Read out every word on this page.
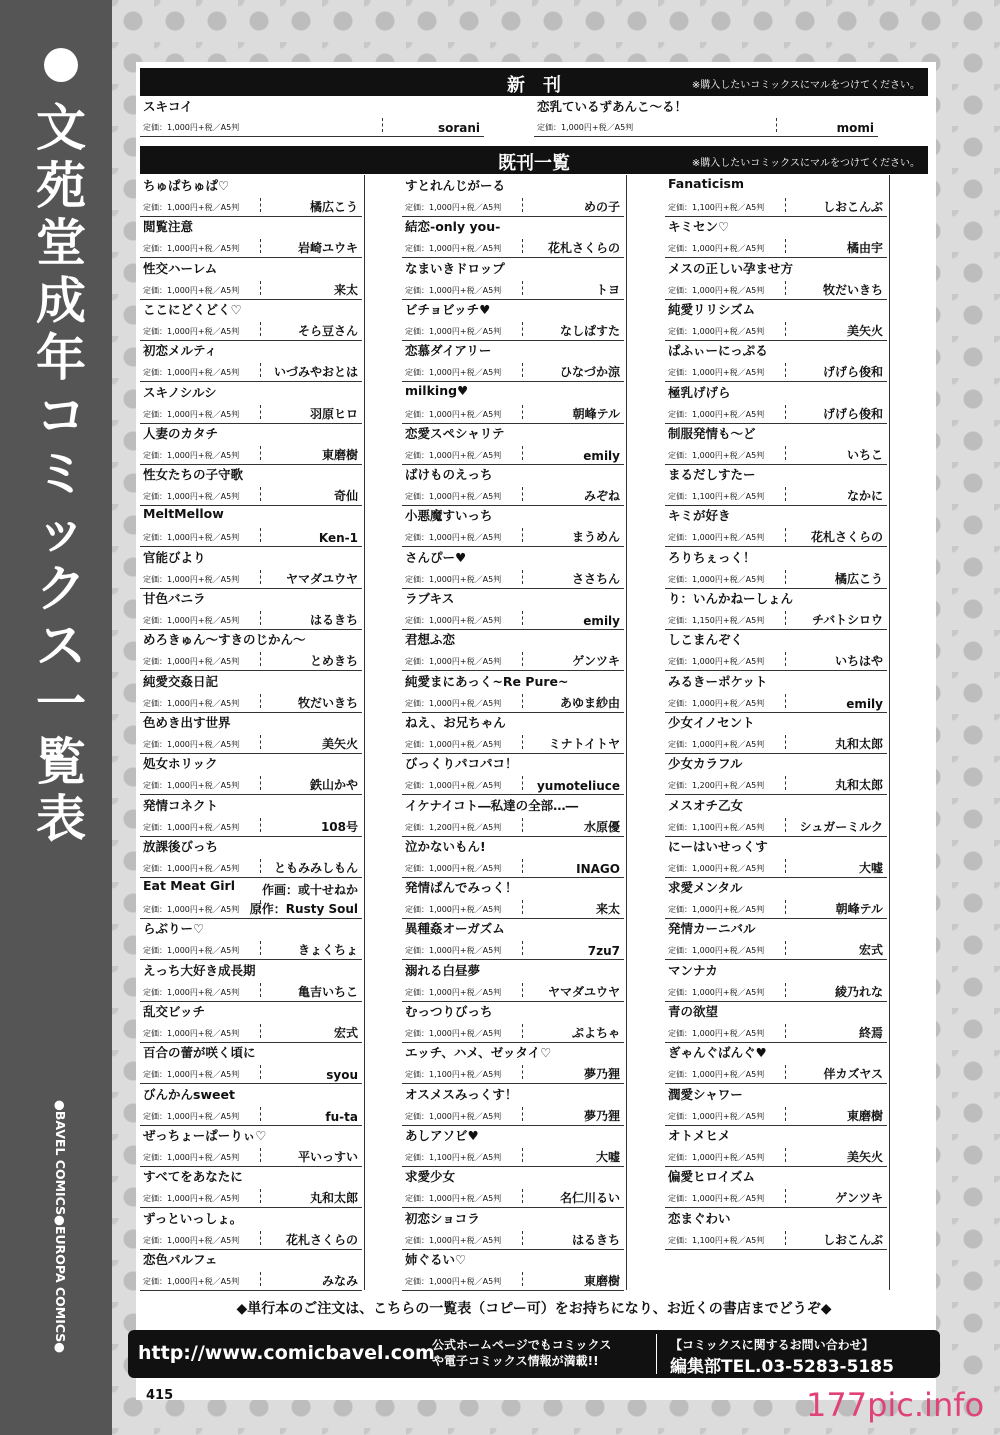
文
苑
堂
成
年
コ
ミ
ッ
ク
ス
一
覧
表
●BAVEL COMICS●EUROPA COMICS●
新　刊	※購入したいコミックスにマルをつけてください。
スキコイ
定価：1,000円+税／A5判	sorani
恋乳ているずあんこ～る！
定価：1,000円+税／A5判	momi
既刊一覧	※購入したいコミックスにマルをつけてください。
ちゅぱちゅぱ♡
定価：1,000円+税／A5判	橘広こう
閲覧注意
定価：1,000円+税／A5判	岩崎ユウキ
性交ハーレム
定価：1,000円+税／A5判	来太
ここにどくどく♡
定価：1,000円+税／A5判	そら豆さん
初恋メルティ
定価：1,000円+税／A5判	いづみやおとは
スキノシルシ
定価：1,000円+税／A5判	羽原ヒロ
人妻のカタチ
定価：1,000円+税／A5判	東磨樹
性女たちの子守歌
定価：1,000円+税／A5判	奇仙
MeltMellow
定価：1,000円+税／A5判	Ken-1
官能びより
定価：1,000円+税／A5判	ヤマダユウヤ
甘色バニラ
定価：1,000円+税／A5判	はるきち
めろきゅん～すきのじかん～
定価：1,000円+税／A5判	とめきち
純愛交姦日記
定価：1,000円+税／A5判	牧だいきち
色めき出す世界
定価：1,000円+税／A5判	美矢火
処女ホリック
定価：1,000円+税／A5判	鉄山かや
発情コネクト
定価：1,000円+税／A5判	108号
放課後びっち
定価：1,000円+税／A5判	ともみみしもん
Eat Meat Girl
定価：1,000円+税／A5判
作画：或十せねか
原作：Rusty Soul
らぶりー♡
定価：1,000円+税／A5判	きょくちょ
えっち大好き成長期
定価：1,000円+税／A5判	亀吉いちこ
乱交ビッチ
定価：1,000円+税／A5判	宏式
百合の蕾が咲く頃に
定価：1,000円+税／A5判	syou
びんかんsweet
定価：1,000円+税／A5判	fu-ta
ぜっちょーぱーりぃ♡
定価：1,000円+税／A5判	平いっすい
すべてをあなたに
定価：1,000円+税／A5判	丸和太郎
ずっといっしょ。
定価：1,000円+税／A5判	花札さくらの
恋色パルフェ
定価：1,000円+税／A5判	みなみ
すとれんじがーる
定価：1,000円+税／A5判	めの子
結恋-only you-
定価：1,000円+税／A5判	花札さくらの
なまいきドロップ
定価：1,000円+税／A5判	トヨ
ビチョビッチ♥
定価：1,000円+税／A5判	なしぱすた
恋慕ダイアリー
定価：1,000円+税／A5判	ひなづか涼
milking♥
定価：1,000円+税／A5判	朝峰テル
恋愛スペシャリテ
定価：1,000円+税／A5判	emily
ばけものえっち
定価：1,000円+税／A5判	みぞね
小悪魔すいっち
定価：1,000円+税／A5判	まうめん
さんぴー♥
定価：1,000円+税／A5判	ささちん
ラブキス
定価：1,000円+税／A5判	emily
君想ふ恋
定価：1,000円+税／A5判	ゲンツキ
純愛まにあっく~Re Pure~
定価：1,000円+税／A5判	あゆま紗由
ねえ、お兄ちゃん
定価：1,000円+税／A5判	ミナトイトヤ
びっくりパコパコ！
定価：1,000円+税／A5判	yumoteliuce
イケナイコト―私達の全部…―
定価：1,200円+税／A5判	水原優
泣かないもん!
定価：1,000円+税／A5判	INAGO
発情ぱんでみっく！
定価：1,000円+税／A5判	来太
異種姦オーガズム
定価：1,000円+税／A5判	7zu7
溺れる白昼夢
定価：1,000円+税／A5判	ヤマダユウヤ
むっつりびっち
定価：1,000円+税／A5判	ぷよちゃ
エッチ、ハメ、ゼッタイ♡
定価：1,100円+税／A5判	夢乃狸
オスメスみっくす！
定価：1,000円+税／A5判	夢乃狸
あしアソビ♥
定価：1,100円+税／A5判	大嘘
求愛少女
定価：1,000円+税／A5判	名仁川るい
初恋ショコラ
定価：1,000円+税／A5判	はるきち
姉ぐるい♡
定価：1,000円+税／A5判	東磨樹
Fanaticism
定価：1,100円+税／A5判	しおこんぶ
キミセン♡
定価：1,000円+税／A5判	橘由宇
メスの正しい孕ませ方
定価：1,000円+税／A5判	牧だいきち
純愛リリシズム
定価：1,000円+税／A5判	美矢火
ぱふぃーにっぷる
定価：1,000円+税／A5判	げげら俊和
極乳げげら
定価：1,000円+税／A5判	げげら俊和
制服発情も～ど
定価：1,000円+税／A5判	いちこ
まるだしすたー
定価：1,100円+税／A5判	なかに
キミが好き
定価：1,000円+税／A5判	花札さくらの
ろりちぇっく！
定価：1,000円+税／A5判	橘広こう
り：いんかねーしょん
定価：1,150円+税／A5判	チバトシロウ
しこまんぞく
定価：1,000円+税／A5判	いちはや
みるきーポケット
定価：1,000円+税／A5判	emily
少女イノセント
定価：1,000円+税／A5判	丸和太郎
少女カラフル
定価：1,200円+税／A5判	丸和太郎
メスオチ乙女
定価：1,100円+税／A5判	シュガーミルク
にーはいせっくす
定価：1,000円+税／A5判	大嘘
求愛メンタル
定価：1,000円+税／A5判	朝峰テル
発情カーニバル
定価：1,000円+税／A5判	宏式
マンナカ
定価：1,000円+税／A5判	綾乃れな
青の欲望
定価：1,000円+税／A5判	終焉
ぎゃんぐばんぐ♥
定価：1,000円+税／A5判	伴カズヤス
潤愛シャワー
定価：1,000円+税／A5判	東磨樹
オトメヒメ
定価：1,000円+税／A5判	美矢火
偏愛ヒロイズム
定価：1,000円+税／A5判	ゲンツキ
恋まぐわい
定価：1,100円+税／A5判	しおこんぶ
◆単行本のご注文は、こちらの一覧表（コピー可）をお持ちになり、お近くの書店までどうぞ◆
http://www.comicbavel.com
公式ホームページでもコミックス
や電子コミックス情報が満載!!
【コミックスに関するお問い合わせ】
編集部TEL.03-5283-5185
415	177pic.info
